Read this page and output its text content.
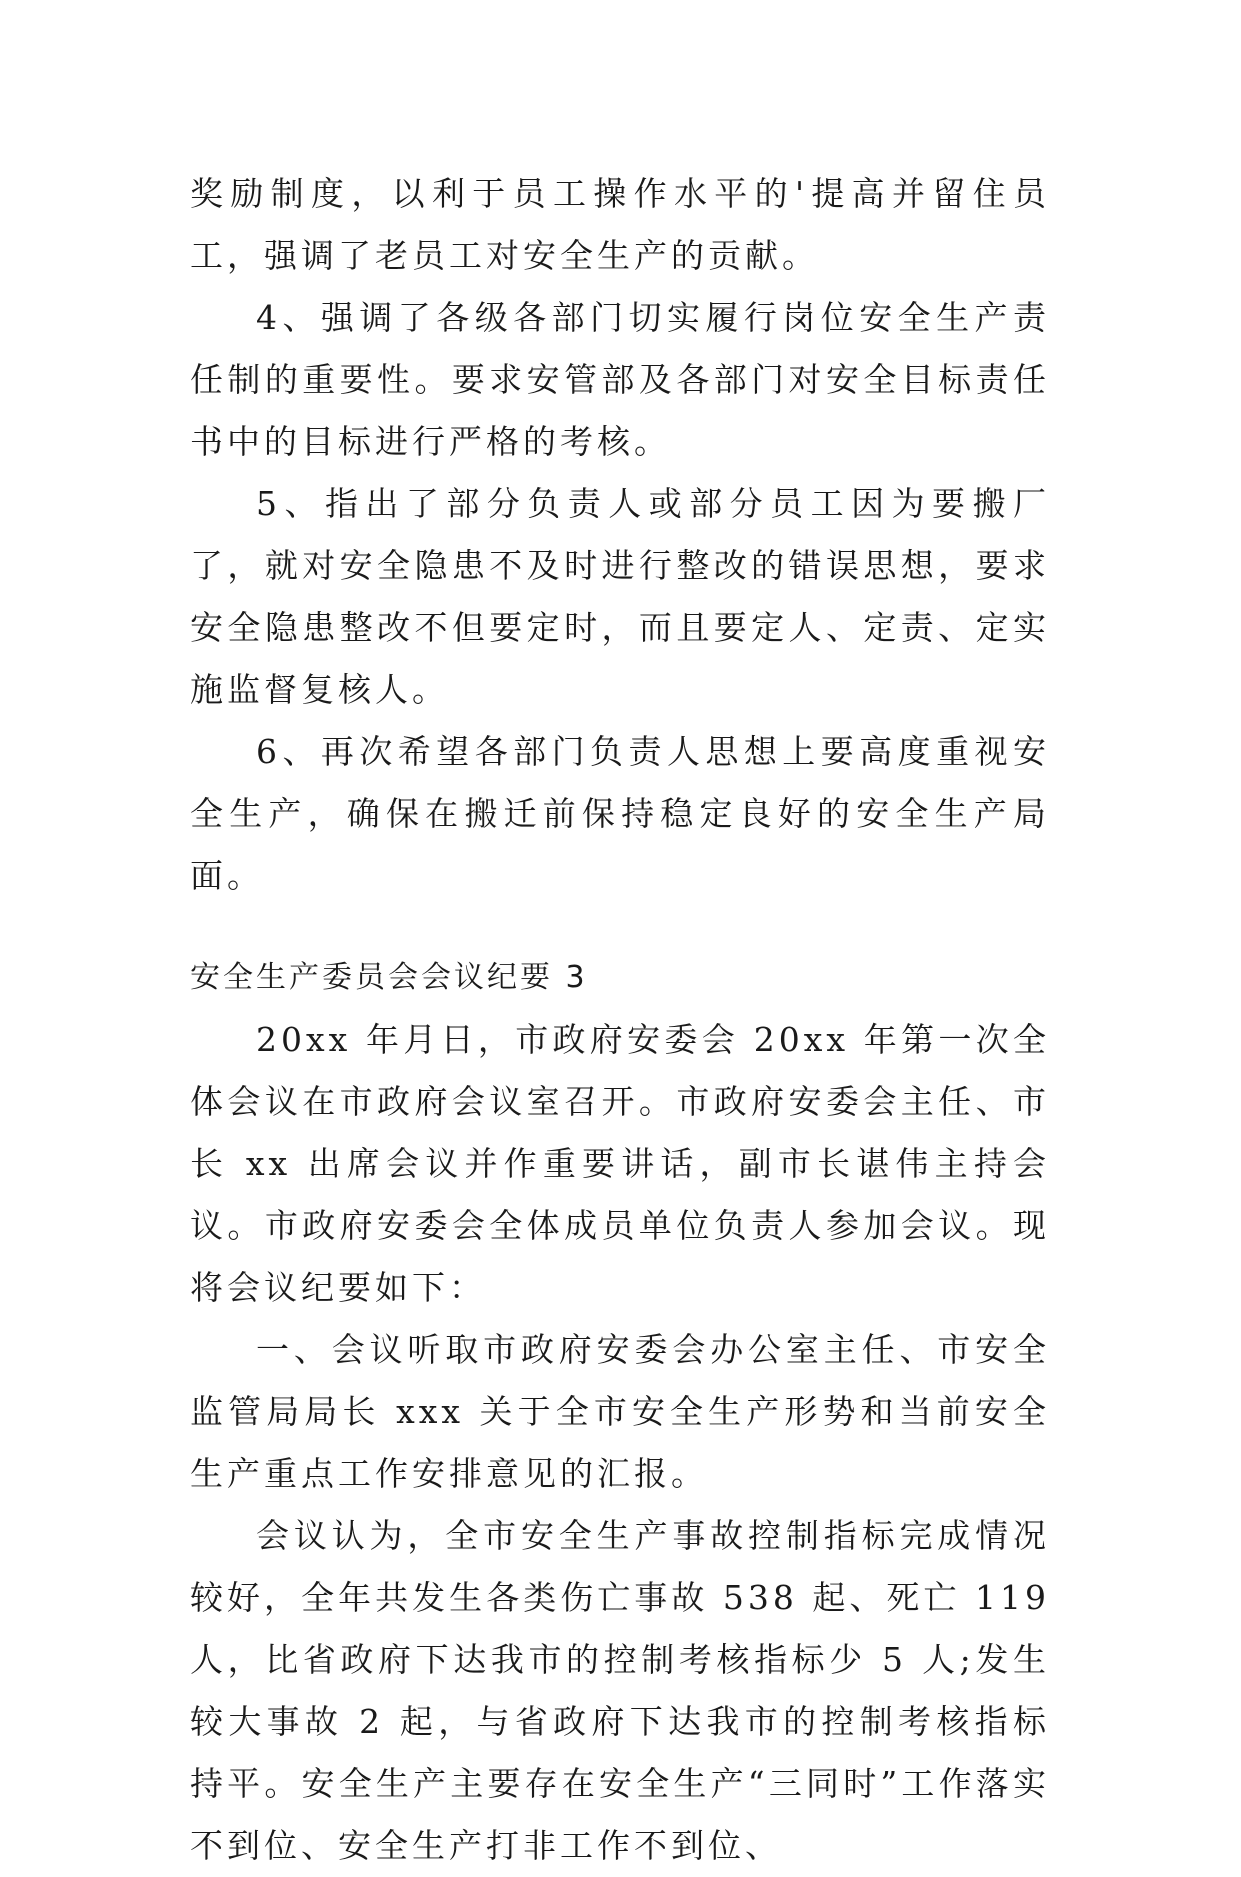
奖励制度，以利于员工操作水平的'提高并留住员工，强调了老员工对安全生产的贡献。

4、强调了各级各部门切实履行岗位安全生产责任制的重要性。要求安管部及各部门对安全目标责任书中的目标进行严格的考核。

5、指出了部分负责人或部分员工因为要搬厂了，就对安全隐患不及时进行整改的错误思想，要求安全隐患整改不但要定时，而且要定人、定责、定实施监督复核人。

6、再次希望各部门负责人思想上要高度重视安全生产，确保在搬迁前保持稳定良好的安全生产局面。

安全生产委员会会议纪要 3

20xx 年月日，市政府安委会 20xx 年第一次全体会议在市政府会议室召开。市政府安委会主任、市长 xx 出席会议并作重要讲话，副市长谌伟主持会议。市政府安委会全体成员单位负责人参加会议。现将会议纪要如下：

一、会议听取市政府安委会办公室主任、市安全监管局局长 xxx 关于全市安全生产形势和当前安全生产重点工作安排意见的汇报。

会议认为，全市安全生产事故控制指标完成情况较好，全年共发生各类伤亡事故 538 起、死亡 119 人，比省政府下达我市的控制考核指标少 5 人;发生较大事故 2 起，与省政府下达我市的控制考核指标持平。安全生产主要存在安全生产“三同时”工作落实不到位、安全生产打非工作不到位、
